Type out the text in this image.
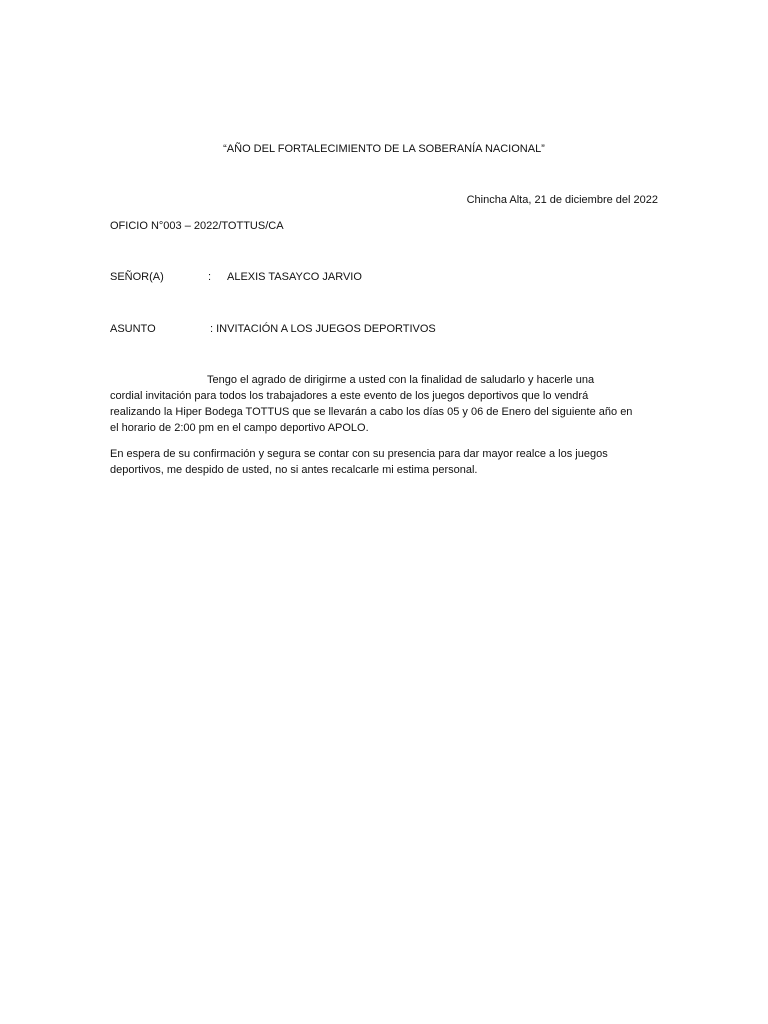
“AÑO DEL FORTALECIMIENTO DE LA SOBERANÍA NACIONAL”
Chincha Alta, 21 de diciembre del 2022
OFICIO N°003 – 2022/TOTTUS/CA
SEÑOR(A)	: ALEXIS TASAYCO JARVIO
ASUNTO	: INVITACIÓN A LOS JUEGOS DEPORTIVOS
Tengo el agrado de dirigirme a usted con la finalidad de saludarlo y hacerle una
cordial invitación para todos los trabajadores a este evento de los juegos deportivos que lo vendrá
realizando la Hiper Bodega TOTTUS que se llevarán a cabo los días 05 y 06 de Enero del siguiente año en
el horario de 2:00 pm en el campo deportivo APOLO.
En espera de su confirmación y segura se contar con su presencia para dar mayor realce a los juegos
deportivos, me despido de usted, no si antes recalcarle mi estima personal.
